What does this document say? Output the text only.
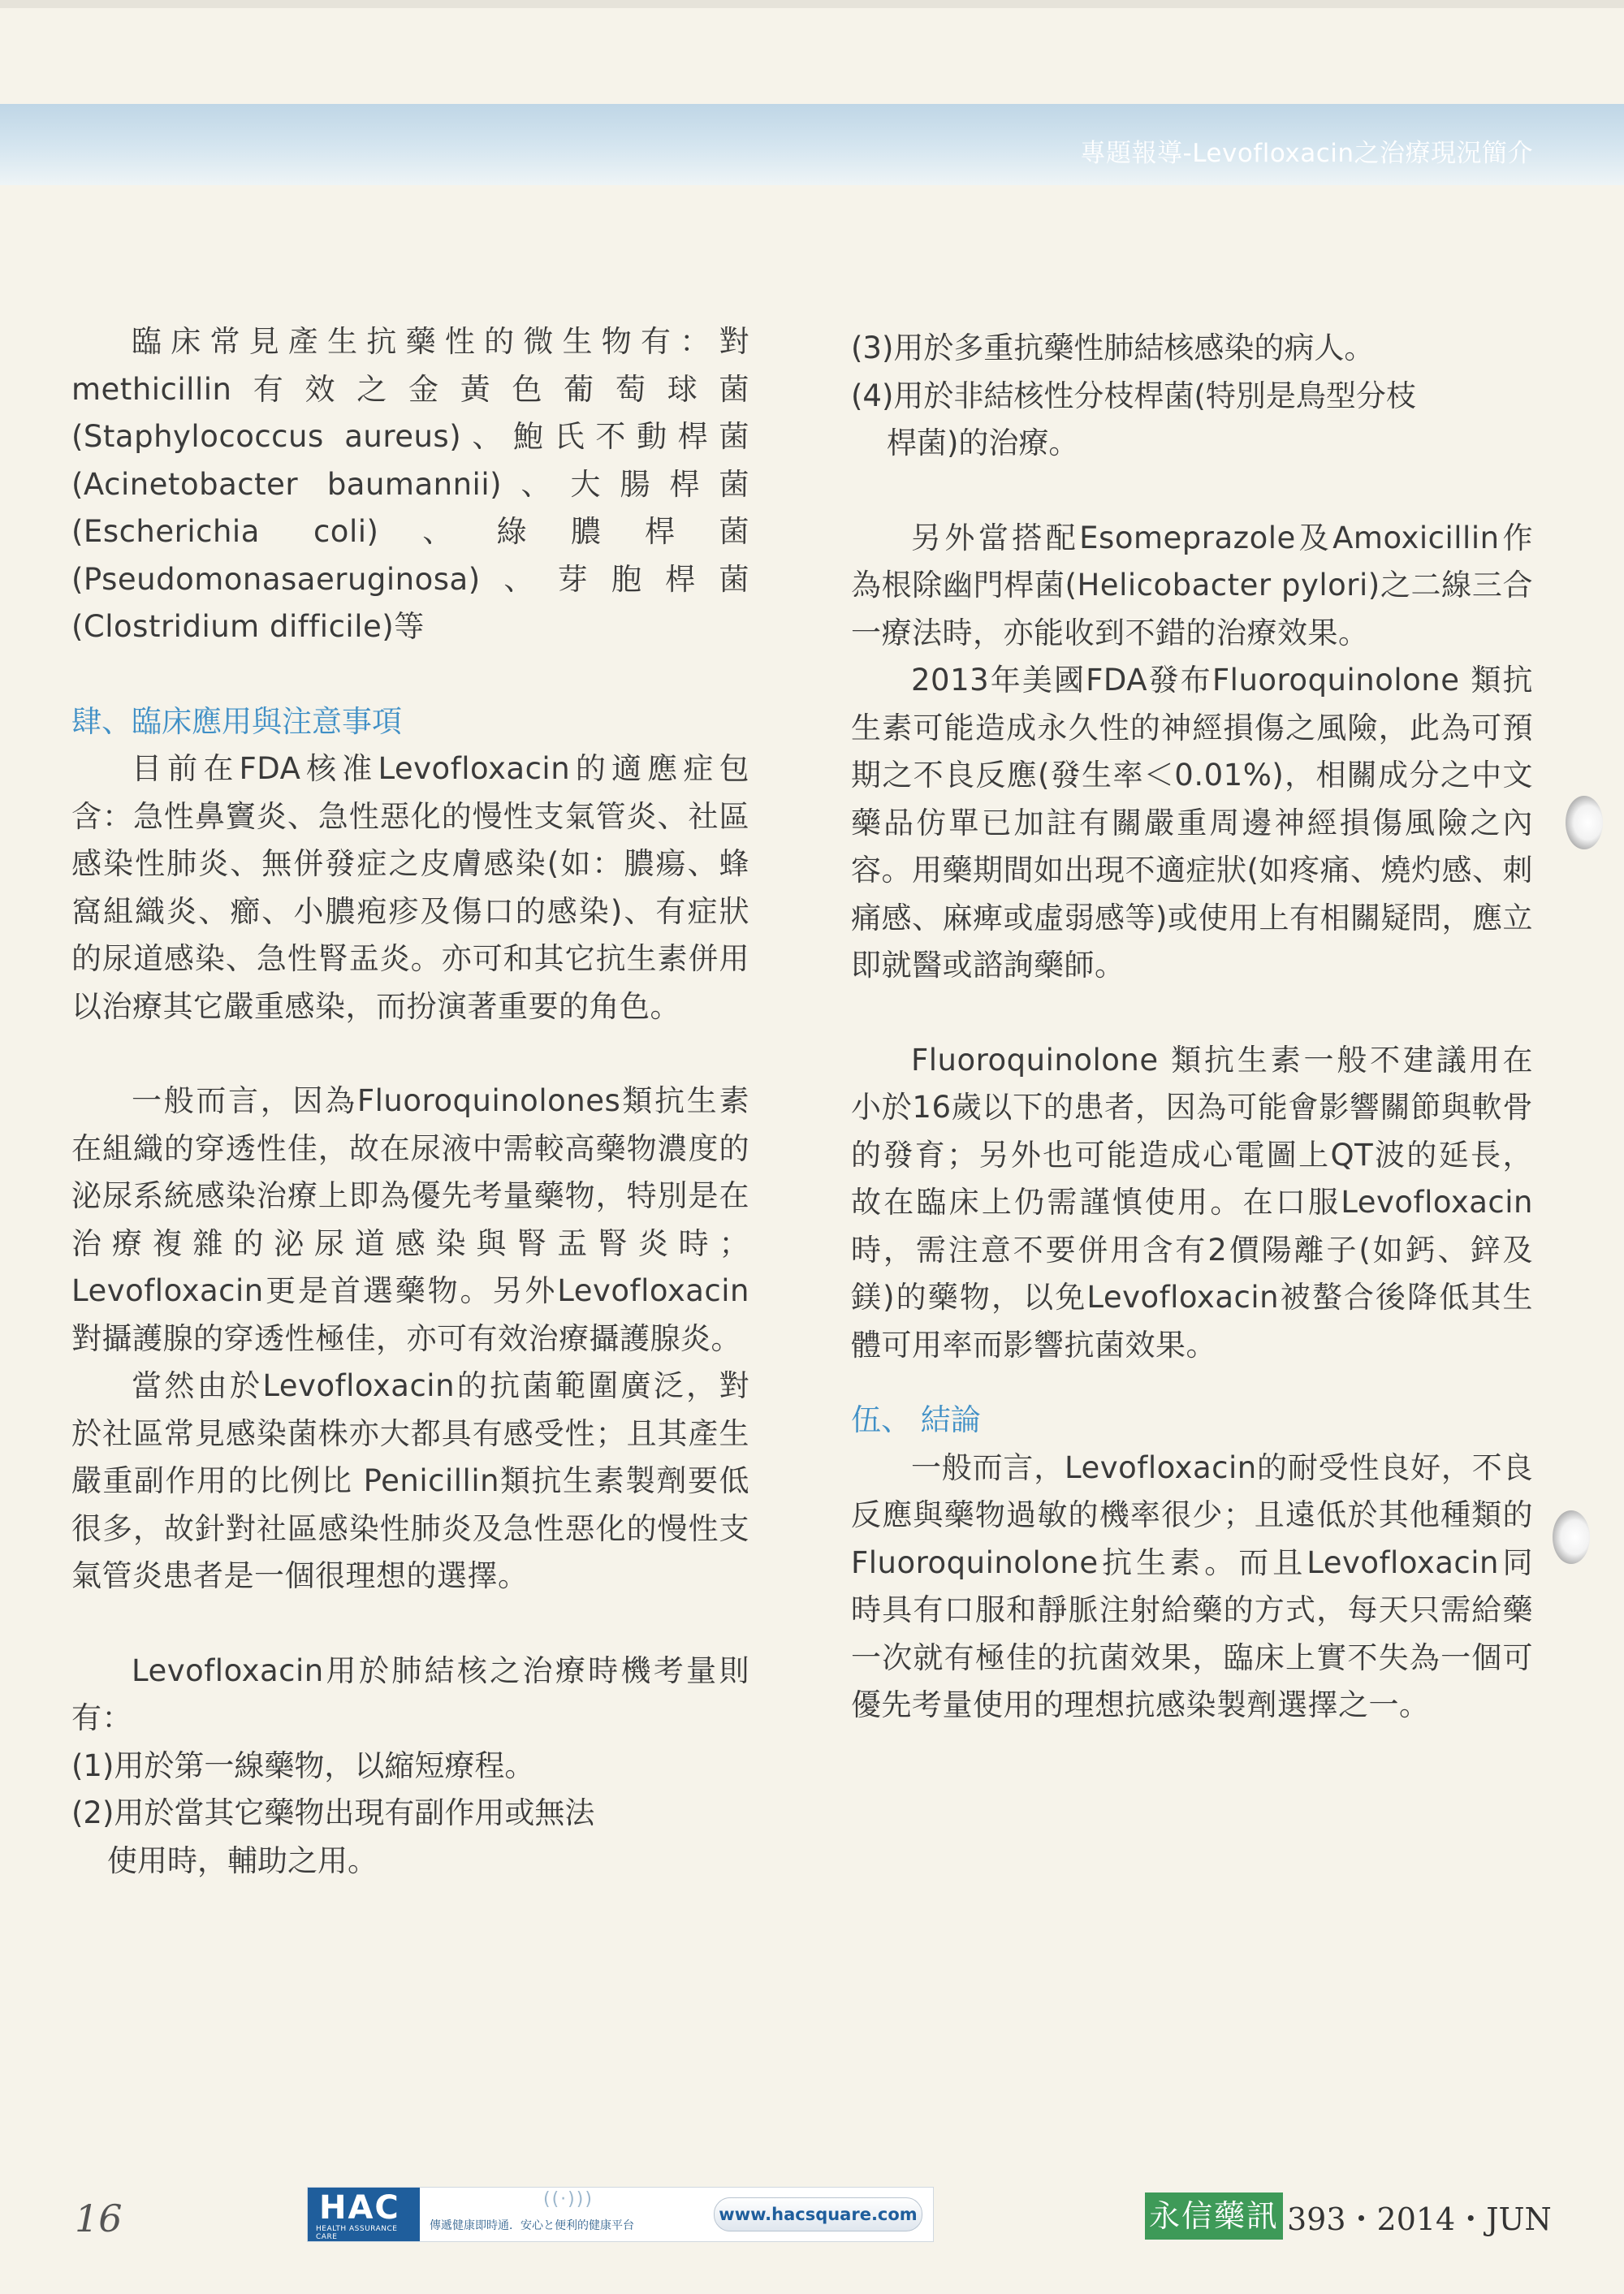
專題報導-Levofloxacin之治療現況簡介
臨床常見產生抗藥性的微生物有：對methicillin有效之金黃色葡萄球菌(Staphylococcus aureus)、鮑氏不動桿菌(Acinetobacter baumannii)、大腸桿菌(Escherichia coli)、綠膿桿菌 (Pseudomonasaeruginosa)、芽胞桿菌(Clostridium difficile)等
肆、臨床應用與注意事項
目前在FDA核准Levofloxacin的適應症包含：急性鼻竇炎、急性惡化的慢性支氣管炎、社區感染性肺炎、無併發症之皮膚感染(如：膿瘍、蜂窩組織炎、癤、小膿疱疹及傷口的感染)、有症狀的尿道感染、急性腎盂炎。亦可和其它抗生素併用以治療其它嚴重感染，而扮演著重要的角色。
一般而言，因為Fluoroquinolones類抗生素在組織的穿透性佳，故在尿液中需較高藥物濃度的泌尿系統感染治療上即為優先考量藥物，特別是在治療複雜的泌尿道感染與腎盂腎炎時；Levofloxacin更是首選藥物。另外Levofloxacin對攝護腺的穿透性極佳，亦可有效治療攝護腺炎。
當然由於Levofloxacin的抗菌範圍廣泛，對於社區常見感染菌株亦大都具有感受性；且其產生嚴重副作用的比例比 Penicillin類抗生素製劑要低很多，故針對社區感染性肺炎及急性惡化的慢性支氣管炎患者是一個很理想的選擇。
Levofloxacin用於肺結核之治療時機考量則有：
(1)用於第一線藥物，以縮短療程。
(2)用於當其它藥物出現有副作用或無法
使用時，輔助之用。
(3)用於多重抗藥性肺結核感染的病人。
(4)用於非結核性分枝桿菌(特別是鳥型分枝
桿菌)的治療。
另外當搭配Esomeprazole及Amoxicillin作為根除幽門桿菌(Helicobacter pylori)之二線三合一療法時，亦能收到不錯的治療效果。
2013年美國FDA發布Fluoroquinolone 類抗生素可能造成永久性的神經損傷之風險，此為可預期之不良反應(發生率＜0.01%)，相關成分之中文藥品仿單已加註有關嚴重周邊神經損傷風險之內容。用藥期間如出現不適症狀(如疼痛、燒灼感、刺痛感、麻痺或虛弱感等)或使用上有相關疑問，應立即就醫或諮詢藥師。
Fluoroquinolone 類抗生素一般不建議用在小於16歲以下的患者，因為可能會影響關節與軟骨的發育；另外也可能造成心電圖上QT波的延長，故在臨床上仍需謹慎使用。在口服Levofloxacin時，需注意不要併用含有2價陽離子(如鈣、鋅及鎂)的藥物，以免Levofloxacin被螯合後降低其生體可用率而影響抗菌效果。
伍、 結論
一般而言，Levofloxacin的耐受性良好，不良反應與藥物過敏的機率很少；且遠低於其他種類的Fluoroquinolone抗生素。而且Levofloxacin同時具有口服和靜脈注射給藥的方式，每天只需給藥一次就有極佳的抗菌效果，臨床上實不失為一個可優先考量使用的理想抗感染製劑選擇之一。
16	HAC
HEALTH ASSURANCE CARE
((·)))
傳遞健康即時通．安心と便利的健康平台
www.hacsquare.com	永信藥訊 393・2014・JUN
